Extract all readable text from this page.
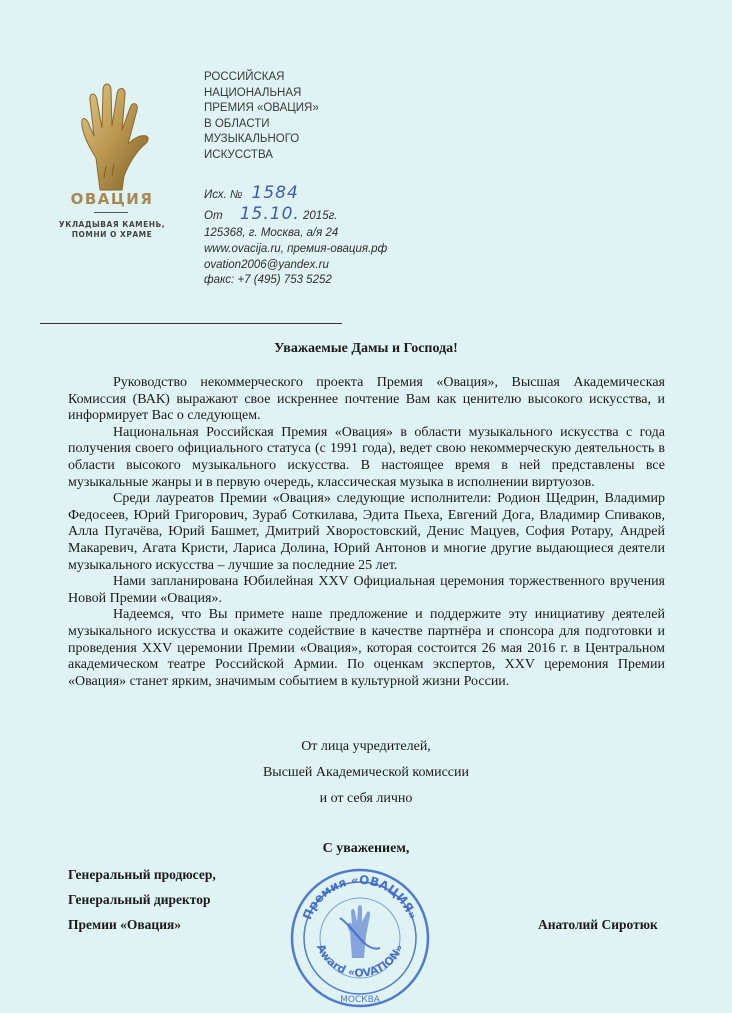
ОВАЦИЯ
УКЛАДЫВАЯ КАМЕНЬ,
ПОМНИ О ХРАМЕ
РОССИЙСКАЯ
НАЦИОНАЛЬНАЯ
ПРЕМИЯ «ОВАЦИЯ»
В ОБЛАСТИ
МУЗЫКАЛЬНОГО
ИСКУССТВА
Исх. № 1584
От 15.10. 2015г.
125368, г. Москва, а/я 24
www.ovacija.ru, премия-овация.рф
ovation2006@yandex.ru
факс: +7 (495) 753 5252
Уважаемые Дамы и Господа!

Руководство некоммерческого проекта Премия «Овация», Высшая Академическая Комиссия (ВАК) выражают свое искреннее почтение Вам как ценителю высокого искусства, и информирует Вас о следующем.

Национальная Российская Премия «Овация» в области музыкального искусства с года получения своего официального статуса (с 1991 года), ведет свою некоммерческую деятельность в области высокого музыкального искусства. В настоящее время в ней представлены все музыкальные жанры и в первую очередь, классическая музыка в исполнении виртуозов.

Среди лауреатов Премии «Овация» следующие исполнители: Родион Щедрин, Владимир Федосеев, Юрий Григорович, Зураб Соткилава, Эдита Пьеха, Евгений Дога, Владимир Спиваков, Алла Пугачёва, Юрий Башмет, Дмитрий Хворостовский, Денис Мацуев, София Ротару, Андрей Макаревич, Агата Кристи, Лариса Долина, Юрий Антонов и многие другие выдающиеся деятели музыкального искусства – лучшие за последние 25 лет.

Нами запланирована Юбилейная XXV Официальная церемония торжественного вручения Новой Премии «Овация».

Надеемся, что Вы примете наше предложение и поддержите эту инициативу деятелей музыкального искусства и окажите содействие в качестве партнёра и спонсора для подготовки и проведения XXV церемонии Премии «Овация», которая состоится 26 мая 2016 г. в Центральном академическом театре Российской Армии. По оценкам экспертов, XXV церемония Премии «Овация» станет ярким, значимым событием в культурной жизни России.

От лица учредителей,
Высшей Академической комиссии
и от себя лично
С уважением,
Генеральный продюсер,
Генеральный директор
Премии «Овация»	Анатолий Сиротюк
Премия «ОВАЦИЯ»
Award «OVATION»
МОСКВА
